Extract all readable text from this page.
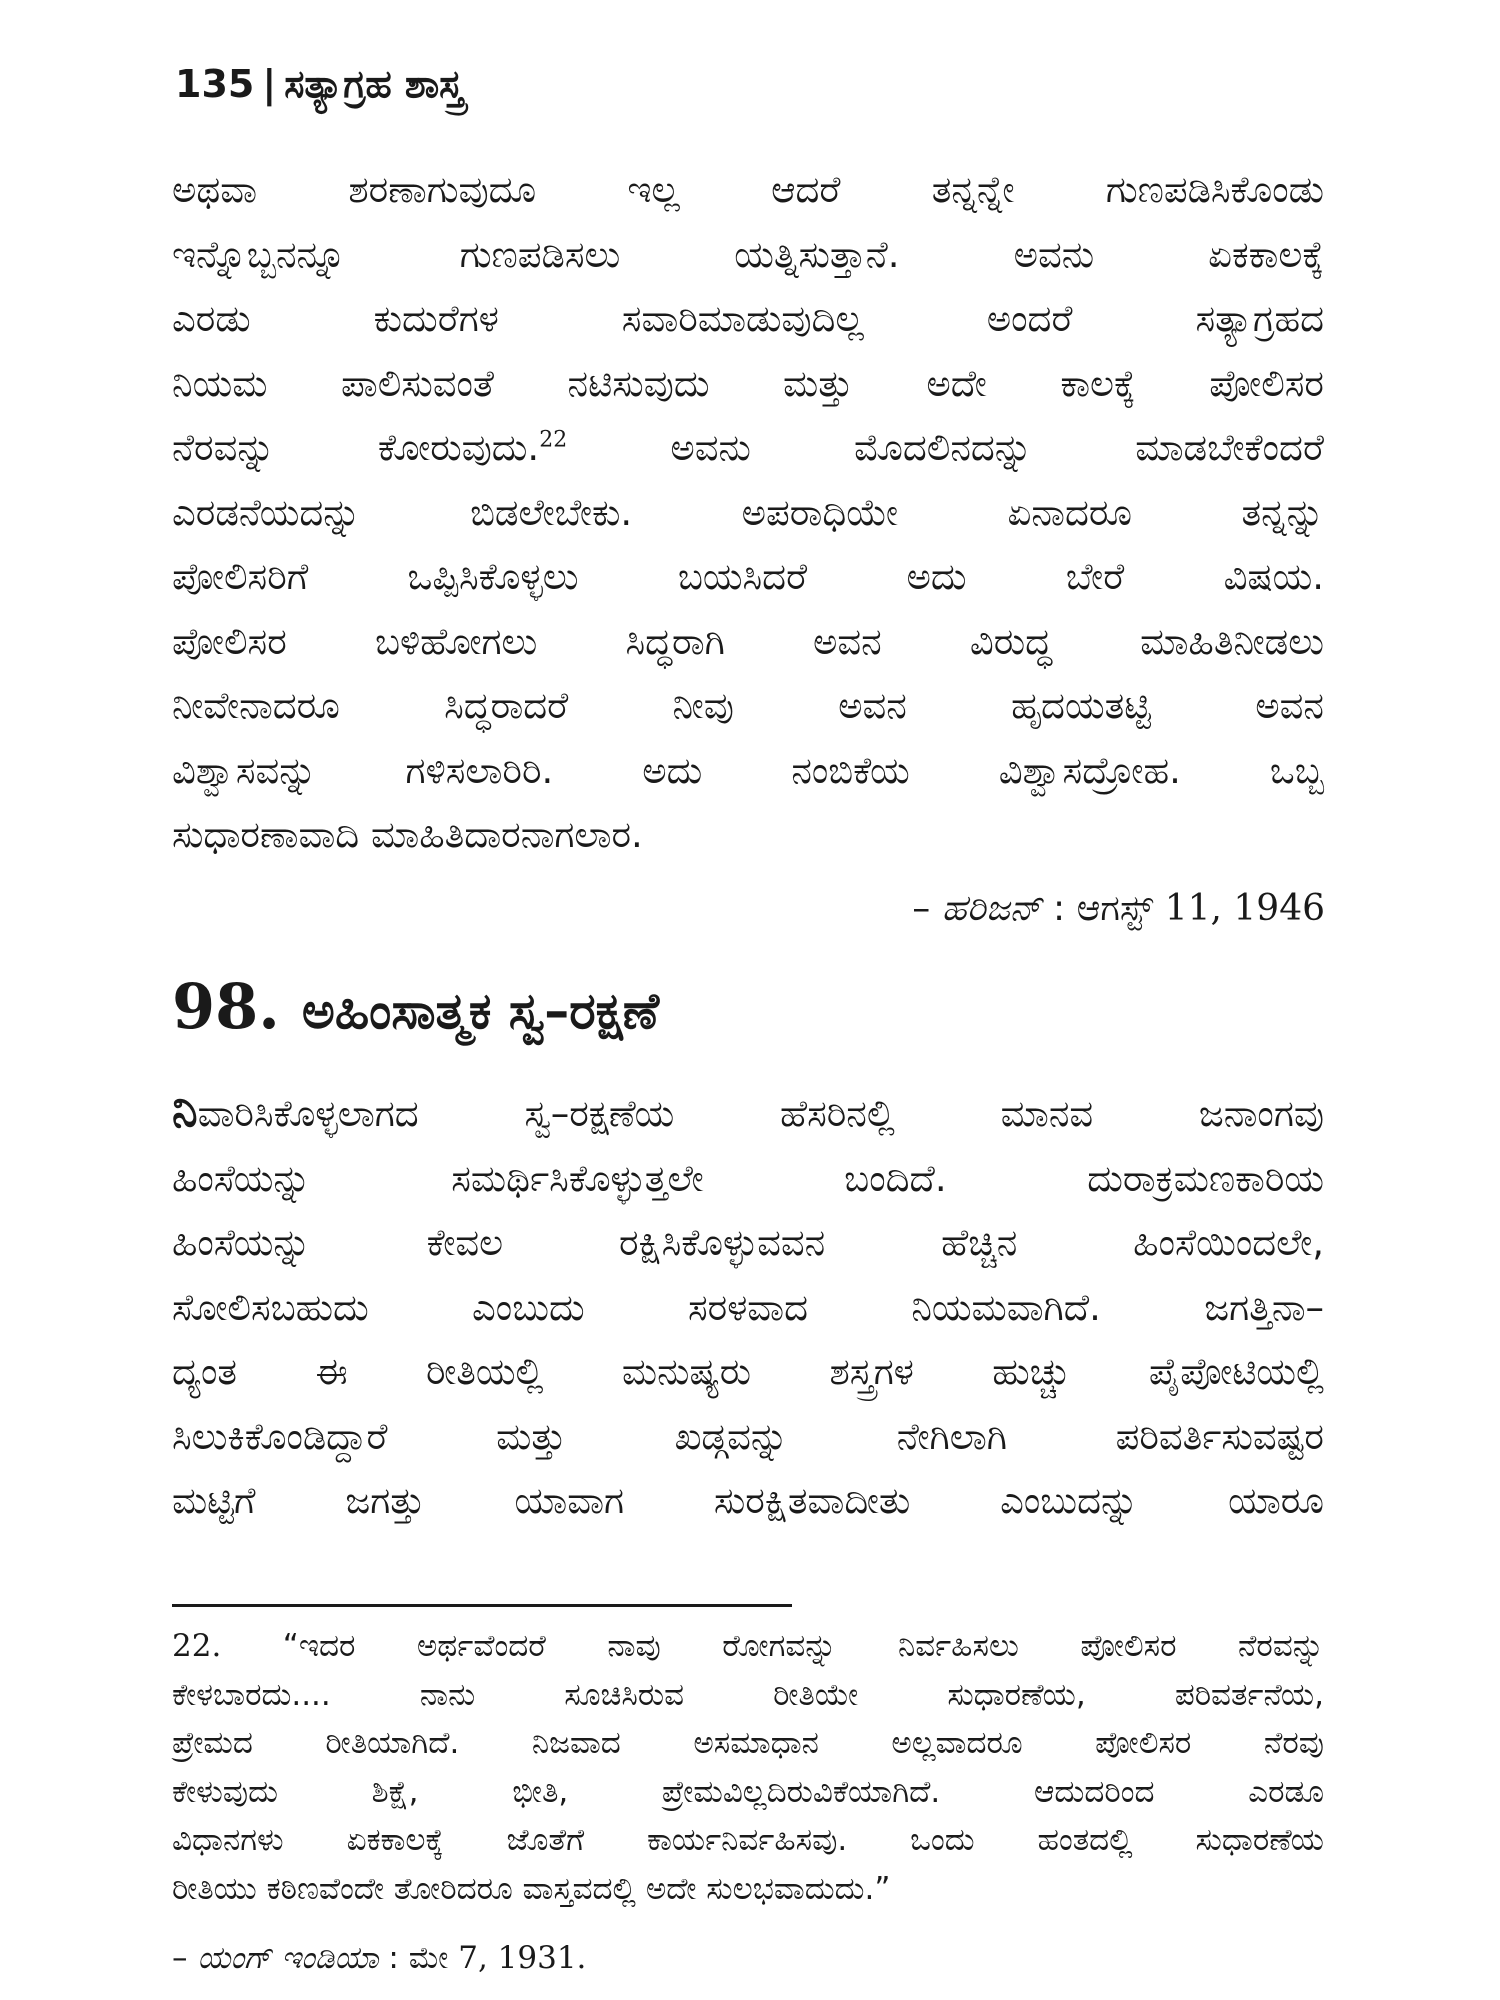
135 | ಸತ್ಯಾಗ್ರಹ ಶಾಸ್ತ್ರ
ಅಥವಾ ಶರಣಾಗುವುದೂ ಇಲ್ಲ ಆದರೆ ತನ್ನನ್ನೇ ಗುಣಪಡಿಸಿಕೊಂಡು
ಇನ್ನೊಬ್ಬನನ್ನೂ ಗುಣಪಡಿಸಲು ಯತ್ನಿಸುತ್ತಾನೆ. ಅವನು ಏಕಕಾಲಕ್ಕೆ
ಎರಡು ಕುದುರೆಗಳ ಸವಾರಿಮಾಡುವುದಿಲ್ಲ ಅಂದರೆ ಸತ್ಯಾಗ್ರಹದ
ನಿಯಮ ಪಾಲಿಸುವಂತೆ ನಟಿಸುವುದು ಮತ್ತು ಅದೇ ಕಾಲಕ್ಕೆ ಪೋಲಿಸರ
ನೆರವನ್ನು ಕೋರುವುದು.$^{22}$	ಅವನು ಮೊದಲಿನದನ್ನು ಮಾಡಬೇಕೆಂದರೆ
ಎರಡನೆಯದನ್ನು ಬಿಡಲೇಬೇಕು. ಅಪರಾಧಿಯೇ ಏನಾದರೂ ತನ್ನನ್ನು
ಪೋಲಿಸರಿಗೆ ಒಪ್ಪಿಸಿಕೊಳ್ಳಲು ಬಯಸಿದರೆ ಅದು ಬೇರೆ ವಿಷಯ.
ಪೋಲಿಸರ ಬಳಿಹೋಗಲು ಸಿದ್ಧರಾಗಿ ಅವನ ವಿರುದ್ಧ ಮಾಹಿತಿನೀಡಲು
ನೀವೇನಾದರೂ ಸಿದ್ಧರಾದರೆ ನೀವು ಅವನ ಹೃದಯತಟ್ಟಿ ಅವನ
ವಿಶ್ವಾಸವನ್ನು ಗಳಿಸಲಾರಿರಿ. ಅದು ನಂಬಿಕೆಯ ವಿಶ್ವಾಸದ್ರೋಹ. ಒಬ್ಬ
ಸುಧಾರಣಾವಾದಿ ಮಾಹಿತಿದಾರನಾಗಲಾರ.
– ಹರಿಜನ್ : ಆಗಸ್ಟ್ 11, 1946
98. ಅಹಿಂಸಾತ್ಮಕ ಸ್ವ–ರಕ್ಷಣೆ
ನಿವಾರಿಸಿಕೊಳ್ಳಲಾಗದ ಸ್ವ–ರಕ್ಷಣೆಯ ಹೆಸರಿನಲ್ಲಿ ಮಾನವ ಜನಾಂಗವು
ಹಿಂಸೆಯನ್ನು ಸಮರ್ಥಿಸಿಕೊಳ್ಳುತ್ತಲೇ ಬಂದಿದೆ. ದುರಾಕ್ರಮಣಕಾರಿಯ
ಹಿಂಸೆಯನ್ನು ಕೇವಲ ರಕ್ಷಿಸಿಕೊಳ್ಳುವವನ ಹೆಚ್ಚಿನ ಹಿಂಸೆಯಿಂದಲೇ,
ಸೋಲಿಸಬಹುದು ಎಂಬುದು ಸರಳವಾದ ನಿಯಮವಾಗಿದೆ. ಜಗತ್ತಿನಾ–
ದ್ಯಂತ ಈ ರೀತಿಯಲ್ಲಿ ಮನುಷ್ಯರು ಶಸ್ತ್ರಗಳ ಹುಚ್ಚು ಪೈಪೋಟಿಯಲ್ಲಿ
ಸಿಲುಕಿಕೊಂಡಿದ್ದಾರೆ ಮತ್ತು ಖಡ್ಗವನ್ನು ನೇಗಿಲಾಗಿ ಪರಿವರ್ತಿಸುವಷ್ಟರ
ಮಟ್ಟಿಗೆ ಜಗತ್ತು ಯಾವಾಗ ಸುರಕ್ಷಿತವಾದೀತು ಎಂಬುದನ್ನು ಯಾರೂ
22. “ಇದರ ಅರ್ಥವೆಂದರೆ ನಾವು ರೋಗವನ್ನು ನಿರ್ವಹಿಸಲು ಪೋಲಿಸರ ನೆರವನ್ನು
ಕೇಳಬಾರದು.... ನಾನು ಸೂಚಿಸಿರುವ ರೀತಿಯೇ ಸುಧಾರಣೆಯ, ಪರಿವರ್ತನೆಯ,
ಪ್ರೇಮದ ರೀತಿಯಾಗಿದೆ. ನಿಜವಾದ ಅಸಮಾಧಾನ ಅಲ್ಲವಾದರೂ ಪೋಲಿಸರ ನೆರವು
ಕೇಳುವುದು ಶಿಕ್ಷೆ, ಭೀತಿ, ಪ್ರೇಮವಿಲ್ಲದಿರುವಿಕೆಯಾಗಿದೆ. ಆದುದರಿಂದ ಎರಡೂ
ವಿಧಾನಗಳು ಏಕಕಾಲಕ್ಕೆ ಜೊತೆಗೆ ಕಾರ್ಯನಿರ್ವಹಿಸವು. ಒಂದು ಹಂತದಲ್ಲಿ ಸುಧಾರಣೆಯ
ರೀತಿಯು ಕಠಿಣವೆಂದೇ ತೋರಿದರೂ ವಾಸ್ತವದಲ್ಲಿ ಅದೇ ಸುಲಭವಾದುದು.”
– ಯಂಗ್ ಇಂಡಿಯಾ : ಮೇ 7, 1931.
